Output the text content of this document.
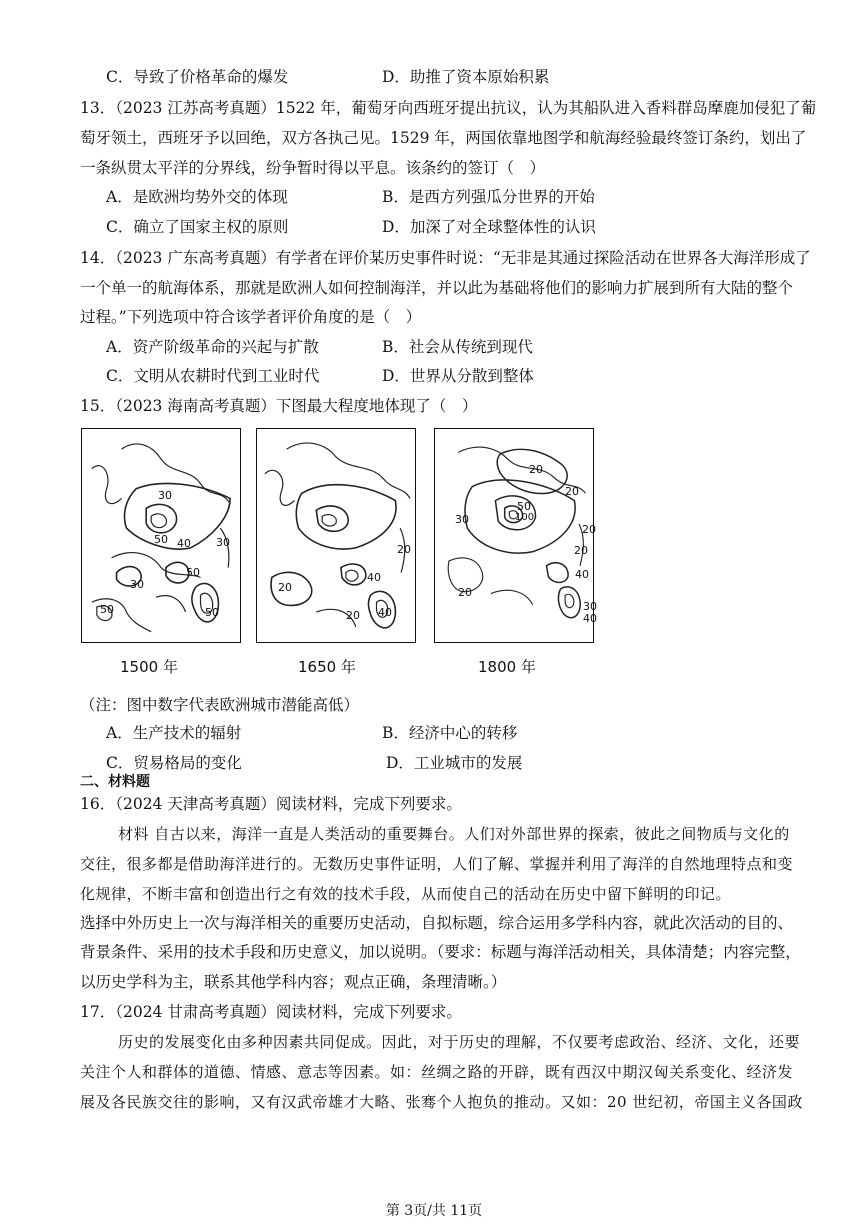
C．导致了价格革命的爆发	D．助推了资本原始积累
13．（2023 江苏高考真题）1522 年，葡萄牙向西班牙提出抗议，认为其船队进入香料群岛摩鹿加侵犯了葡
萄牙领土，西班牙予以回绝，双方各执己见。1529 年，两国依靠地图学和航海经验最终签订条约，划出了
一条纵贯太平洋的分界线，纷争暂时得以平息。该条约的签订（　）
A．是欧洲均势外交的体现	B．是西方列强瓜分世界的开始
C．确立了国家主权的原则	D．加深了对全球整体性的认识
14．（2023 广东高考真题）有学者在评价某历史事件时说：“无非是其通过探险活动在世界各大海洋形成了
一个单一的航海体系，那就是欧洲人如何控制海洋，并以此为基础将他们的影响力扩展到所有大陆的整个
过程。”下列选项中符合该学者评价角度的是（　）
A．资产阶级革命的兴起与扩散	B．社会从传统到现代
C．文明从农耕时代到工业时代	D．世界从分散到整体
15．（2023 海南高考真题）下图最大程度地体现了（　）
30
50 40 30
30
50
50
50
20
20
40
20 40
20
20
50
100
30
20
20
20
40
30
40
1500 年	1650 年	1800 年
（注：图中数字代表欧洲城市潜能高低）
A．生产技术的辐射	B．经济中心的转移
C．贸易格局的变化	D．工业城市的发展
二、材料题
16．（2024 天津高考真题）阅读材料，完成下列要求。
材料 自古以来，海洋一直是人类活动的重要舞台。人们对外部世界的探索，彼此之间物质与文化的
交往，很多都是借助海洋进行的。无数历史事件证明，人们了解、掌握并利用了海洋的自然地理特点和变
化规律，不断丰富和创造出行之有效的技术手段，从而使自己的活动在历史中留下鲜明的印记。
选择中外历史上一次与海洋相关的重要历史活动，自拟标题，综合运用多学科内容，就此次活动的目的、
背景条件、采用的技术手段和历史意义，加以说明。（要求：标题与海洋活动相关，具体清楚；内容完整，
以历史学科为主，联系其他学科内容；观点正确，条理清晰。）
17．（2024 甘肃高考真题）阅读材料，完成下列要求。
历史的发展变化由多种因素共同促成。因此，对于历史的理解，不仅要考虑政治、经济、文化，还要
关注个人和群体的道德、情感、意志等因素。如：丝绸之路的开辟，既有西汉中期汉匈关系变化、经济发
展及各民族交往的影响，又有汉武帝雄才大略、张骞个人抱负的推动。又如：20 世纪初，帝国主义各国政
第 3页/共 11页
